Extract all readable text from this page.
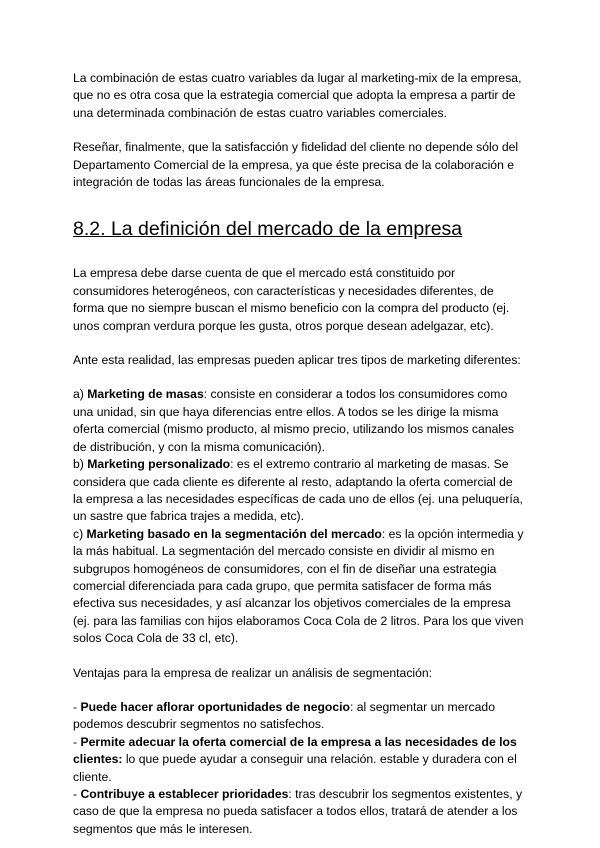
La combinación de estas cuatro variables da lugar al marketing-mix de la empresa, que no es otra cosa que la estrategia comercial que adopta la empresa a partir de una determinada combinación de estas cuatro variables comerciales.

Reseñar, finalmente, que la satisfacción y fidelidad del cliente no depende sólo del Departamento Comercial de la empresa, ya que éste precisa de la colaboración e integración de todas las áreas funcionales de la empresa.

8.2. La definición del mercado de la empresa

La empresa debe darse cuenta de que el mercado está constituido por consumidores heterogéneos, con características y necesidades diferentes, de forma que no siempre buscan el mismo beneficio con la compra del producto (ej. unos compran verdura porque les gusta, otros porque desean adelgazar, etc).

Ante esta realidad, las empresas pueden aplicar tres tipos de marketing diferentes:

a) Marketing de masas: consiste en considerar a todos los consumidores como una unidad, sin que haya diferencias entre ellos. A todos se les dirige la misma oferta comercial (mismo producto, al mismo precio, utilizando los mismos canales de distribución, y con la misma comunicación).
b) Marketing personalizado: es el extremo contrario al marketing de masas. Se considera que cada cliente es diferente al resto, adaptando la oferta comercial de la empresa a las necesidades específicas de cada uno de ellos (ej. una peluquería, un sastre que fabrica trajes a medida, etc).
c) Marketing basado en la segmentación del mercado: es la opción intermedia y la más habitual. La segmentación del mercado consiste en dividir al mismo en subgrupos homogéneos de consumidores, con el fin de diseñar una estrategia comercial diferenciada para cada grupo, que permita satisfacer de forma más efectiva sus necesidades, y así alcanzar los objetivos comerciales de la empresa (ej. para las familias con hijos elaboramos Coca Cola de 2 litros. Para los que viven solos Coca Cola de 33 cl, etc).

Ventajas para la empresa de realizar un análisis de segmentación:

- Puede hacer aflorar oportunidades de negocio: al segmentar un mercado podemos descubrir segmentos no satisfechos.
- Permite adecuar la oferta comercial de la empresa a las necesidades de los clientes: lo que puede ayudar a conseguir una relación. estable y duradera con el cliente.
- Contribuye a establecer prioridades: tras descubrir los segmentos existentes, y caso de que la empresa no pueda satisfacer a todos ellos, tratará de atender a los segmentos que más le interesen.
